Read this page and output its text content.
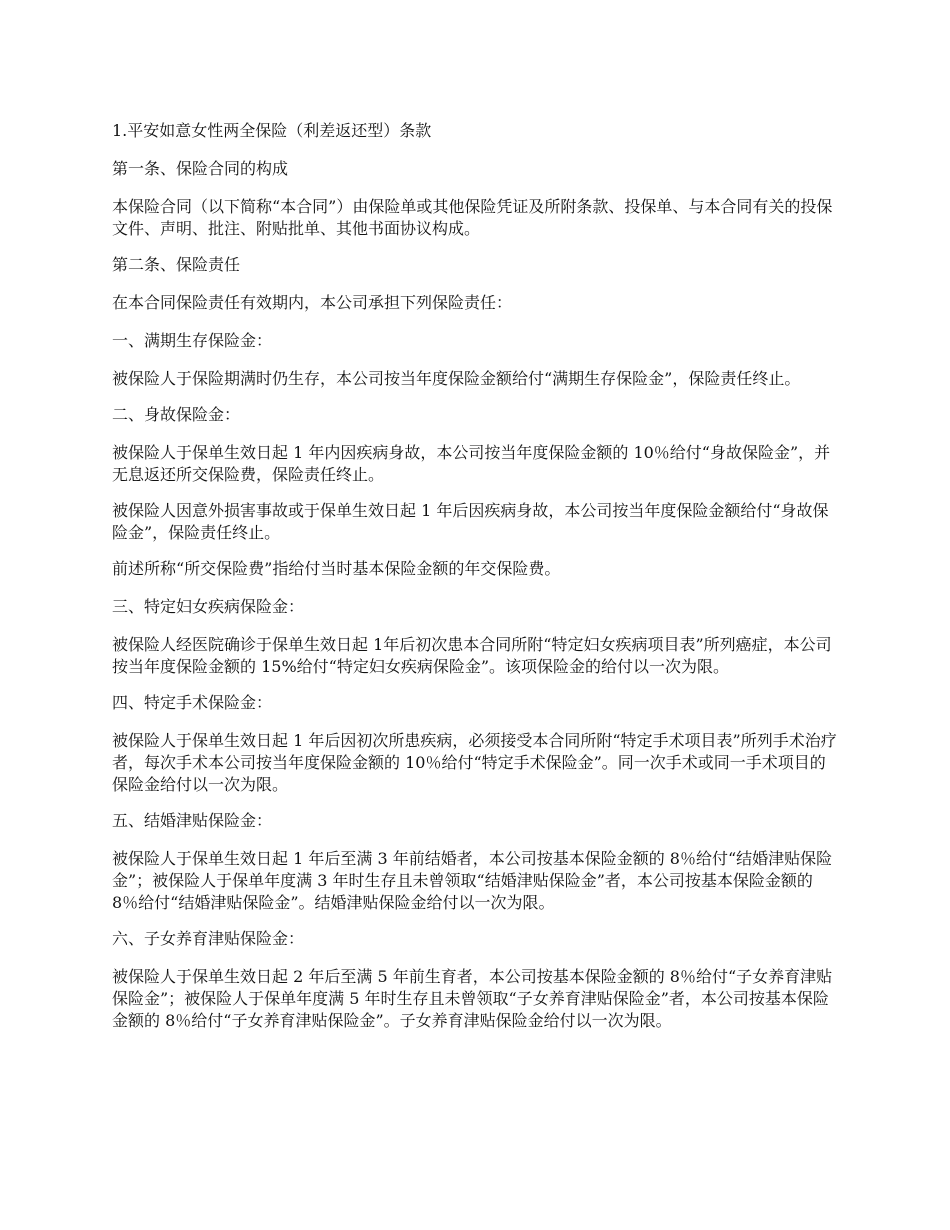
1.平安如意女性两全保险（利差返还型）条款

第一条、保险合同的构成

本保险合同（以下简称“本合同”）由保险单或其他保险凭证及所附条款、投保单、与本合同有关的投保文件、声明、批注、附贴批单、其他书面协议构成。

第二条、保险责任

在本合同保险责任有效期内，本公司承担下列保险责任：

一、满期生存保险金：

被保险人于保险期满时仍生存，本公司按当年度保险金额给付“满期生存保险金”，保险责任终止。

二、身故保险金：

被保险人于保单生效日起 1 年内因疾病身故，本公司按当年度保险金额的 10％给付“身故保险金”，并无息返还所交保险费，保险责任终止。

被保险人因意外损害事故或于保单生效日起 1 年后因疾病身故，本公司按当年度保险金额给付“身故保险金”，保险责任终止。

前述所称“所交保险费”指给付当时基本保险金额的年交保险费。

三、特定妇女疾病保险金：

被保险人经医院确诊于保单生效日起 1年后初次患本合同所附“特定妇女疾病项目表”所列癌症，本公司按当年度保险金额的 15%给付“特定妇女疾病保险金”。该项保险金的给付以一次为限。

四、特定手术保险金：

被保险人于保单生效日起 1 年后因初次所患疾病，必须接受本合同所附“特定手术项目表”所列手术治疗者，每次手术本公司按当年度保险金额的 10％给付“特定手术保险金”。同一次手术或同一手术项目的保险金给付以一次为限。

五、结婚津贴保险金：

被保险人于保单生效日起 1 年后至满 3 年前结婚者，本公司按基本保险金额的 8％给付“结婚津贴保险金”；被保险人于保单年度满 3 年时生存且未曾领取“结婚津贴保险金”者，本公司按基本保险金额的 8％给付“结婚津贴保险金”。结婚津贴保险金给付以一次为限。

六、子女养育津贴保险金：

被保险人于保单生效日起 2 年后至满 5 年前生育者，本公司按基本保险金额的 8％给付“子女养育津贴保险金”；被保险人于保单年度满 5 年时生存且未曾领取“子女养育津贴保险金”者，本公司按基本保险金额的 8％给付“子女养育津贴保险金”。子女养育津贴保险金给付以一次为限。
